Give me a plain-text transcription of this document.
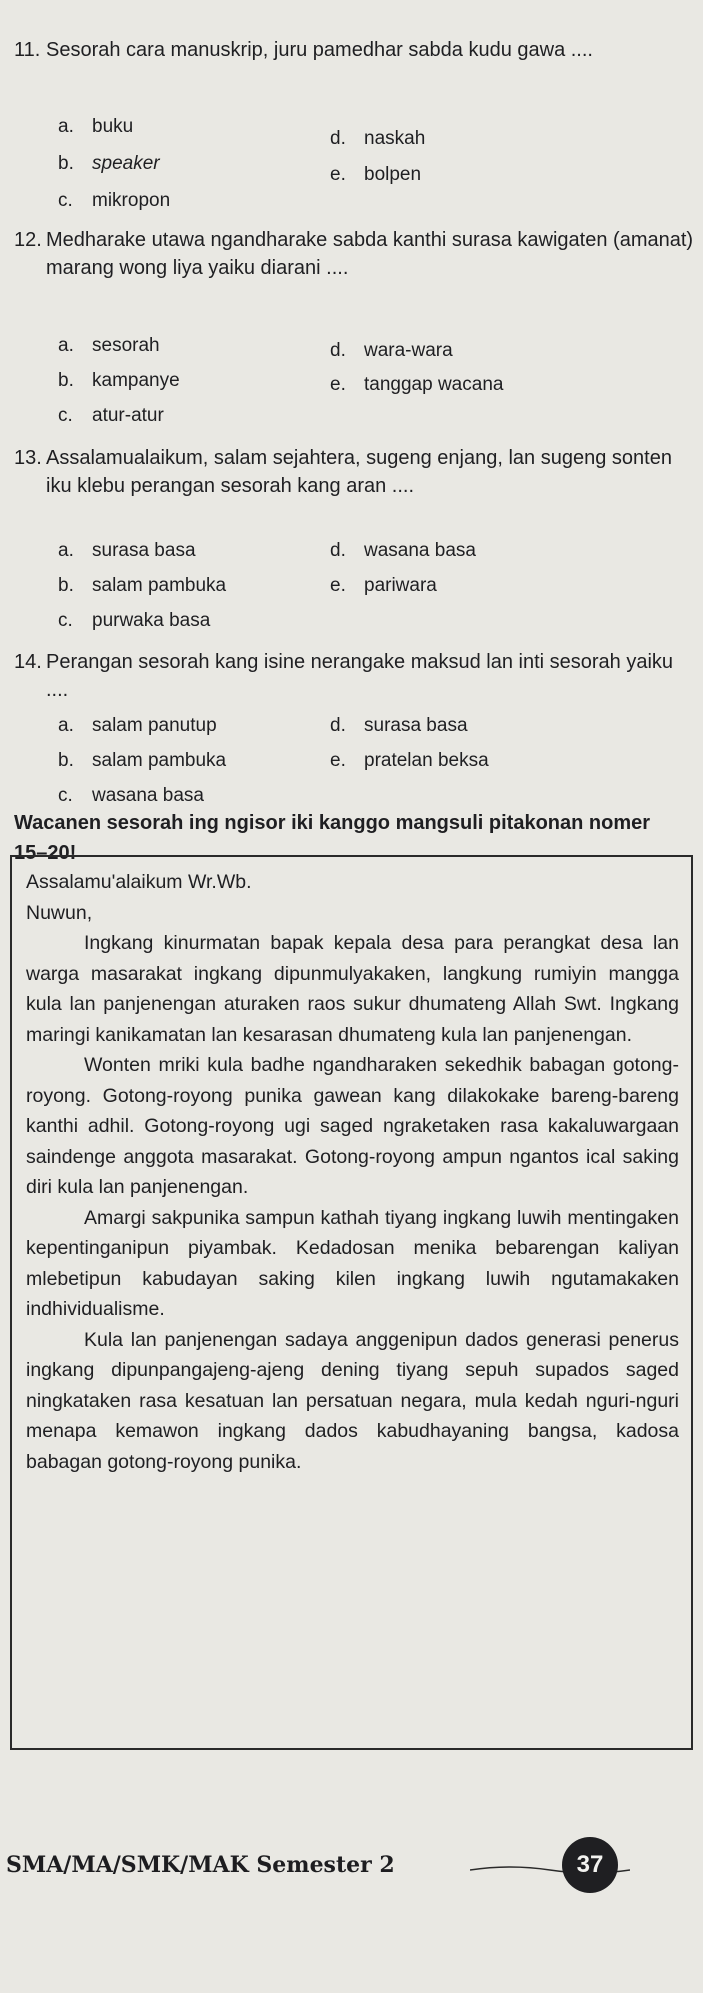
11. Sesorah cara manuskrip, juru pamedhar sabda kudu gawa ....
a. buku
b. speaker
c. mikropon
d. naskah
e. bolpen
12. Medharake utawa ngandharake sabda kanthi surasa kawigaten (amanat) marang wong liya yaiku diarani ....
a. sesorah
b. kampanye
c. atur-atur
d. wara-wara
e. tanggap wacana
13. Assalamualaikum, salam sejahtera, sugeng enjang, lan sugeng sonten iku klebu perangan sesorah kang aran ....
a. surasa basa
b. salam pambuka
c. purwaka basa
d. wasana basa
e. pariwara
14. Perangan sesorah kang isine nerangake maksud lan inti sesorah yaiku ....
a. salam panutup
b. salam pambuka
c. wasana basa
d. surasa basa
e. pratelan beksa
Wacanen sesorah ing ngisor iki kanggo mangsuli pitakonan nomer 15–20!

Assalamu'alaikum Wr.Wb.

Nuwun,

Ingkang kinurmatan bapak kepala desa para perangkat desa lan warga masarakat ingkang dipunmulyakaken, langkung rumiyin mangga kula lan panjenengan aturaken raos sukur dhumateng Allah Swt. Ingkang maringi kanikamatan lan kesarasan dhumateng kula lan panjenengan.

Wonten mriki kula badhe ngandharaken sekedhik babagan gotong-royong. Gotong-royong punika gawean kang dilakokake bareng-bareng kanthi adhil. Gotong-royong ugi saged ngraketaken rasa kakaluwargaan saindenge anggota masarakat. Gotong-royong ampun ngantos ical saking diri kula lan panjenengan.

Amargi sakpunika sampun kathah tiyang ingkang luwih mentingaken kepentinganipun piyambak. Kedadosan menika bebarengan kaliyan mlebetipun kabudayan saking kilen ingkang luwih ngutamakaken indhividualisme.

Kula lan panjenengan sadaya anggenipun dados generasi penerus ingkang dipunpangajeng-ajeng dening tiyang sepuh supados saged ningkataken rasa kesatuan lan persatuan negara, mula kedah nguri-nguri menapa kemawon ingkang dados kabudhayaning bangsa, kadosa babagan gotong-royong punika.

SMA/MA/SMK/MAK Semester 2	37
